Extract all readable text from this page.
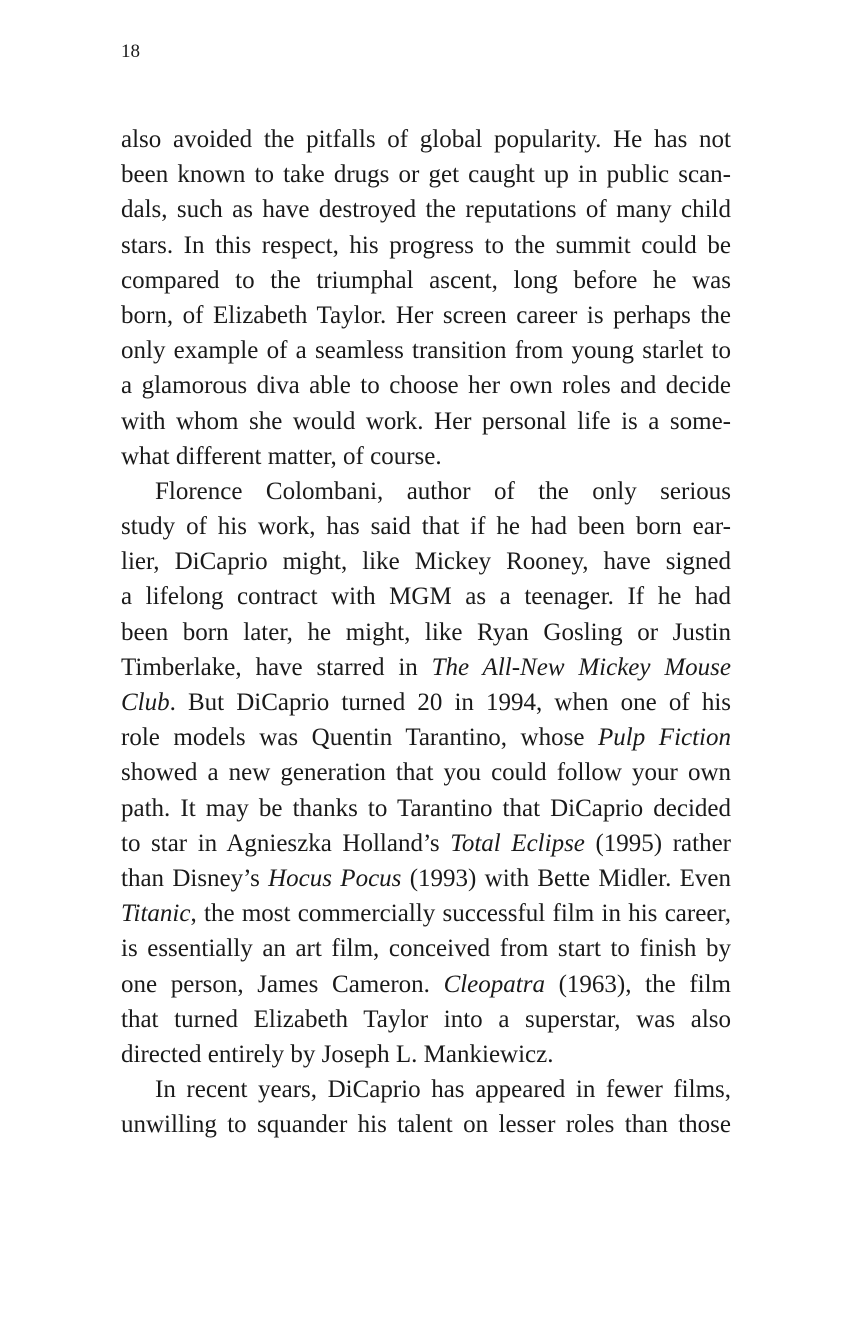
18
also avoided the pitfalls of global popularity. He has not
been known to take drugs or get caught up in public scan-
dals, such as have destroyed the reputations of many child
stars. In this respect, his progress to the summit could be
compared to the triumphal ascent, long before he was
born, of Elizabeth Taylor. Her screen career is perhaps the
only example of a seamless transition from young starlet to
a glamorous diva able to choose her own roles and decide
with whom she would work. Her personal life is a some-
what different matter, of course.
Florence Colombani, author of the only serious
study of his work, has said that if he had been born ear-
lier, DiCaprio might, like Mickey Rooney, have signed
a lifelong contract with MGM as a teenager. If he had
been born later, he might, like Ryan Gosling or Justin
Timberlake, have starred in The All-New Mickey Mouse
Club. But DiCaprio turned 20 in 1994, when one of his
role models was Quentin Tarantino, whose Pulp Fiction
showed a new generation that you could follow your own
path. It may be thanks to Tarantino that DiCaprio decided
to star in Agnieszka Holland’s Total Eclipse (1995) rather
than Disney’s Hocus Pocus (1993) with Bette Midler. Even
Titanic, the most commercially successful film in his career,
is essentially an art film, conceived from start to finish by
one person, James Cameron. Cleopatra (1963), the film
that turned Elizabeth Taylor into a superstar, was also
directed entirely by Joseph L. Mankiewicz.
In recent years, DiCaprio has appeared in fewer films,
unwilling to squander his talent on lesser roles than those
